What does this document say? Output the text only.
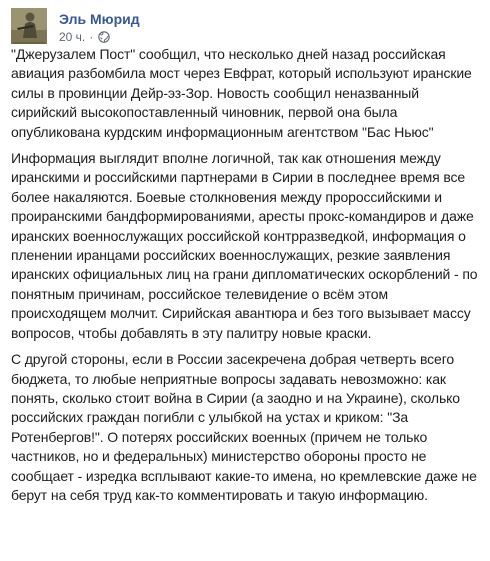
Эль Мюрид
20 ч. ·

"Джерузалем Пост" сообщил, что несколько дней назад российская авиация разбомбила мост через Евфрат, который используют иранские силы в провинции Дейр-эз-Зор. Новость сообщил неназванный сирийский высокопоставленный чиновник, первой она была опубликована курдским информационным агентством "Бас Ньюс"

Информация выглядит вполне логичной, так как отношения между иранскими и российскими партнерами в Сирии в последнее время все более накаляются. Боевые столкновения между пророссийскими и проиранскими бандформированиями, аресты прокс-командиров и даже иранских военнослужащих российской контрразведкой, информация о пленении иранцами российских военнослужащих, резкие заявления иранских официальных лиц на грани дипломатических оскорблений - по понятным причинам, российское телевидение о всём этом происходящем молчит. Сирийская авантюра и без того вызывает массу вопросов, чтобы добавлять в эту палитру новые краски.

С другой стороны, если в России засекречена добрая четверть всего бюджета, то любые неприятные вопросы задавать невозможно: как понять, сколько стоит война в Сирии (а заодно и на Украине), сколько российских граждан погибли с улыбкой на устах и криком: "За Ротенбергов!". О потерях российских военных (причем не только частников, но и федеральных) министерство обороны просто не сообщает - изредка всплывают какие-то имена, но кремлевские даже не берут на себя труд как-то комментировать и такую информацию.
